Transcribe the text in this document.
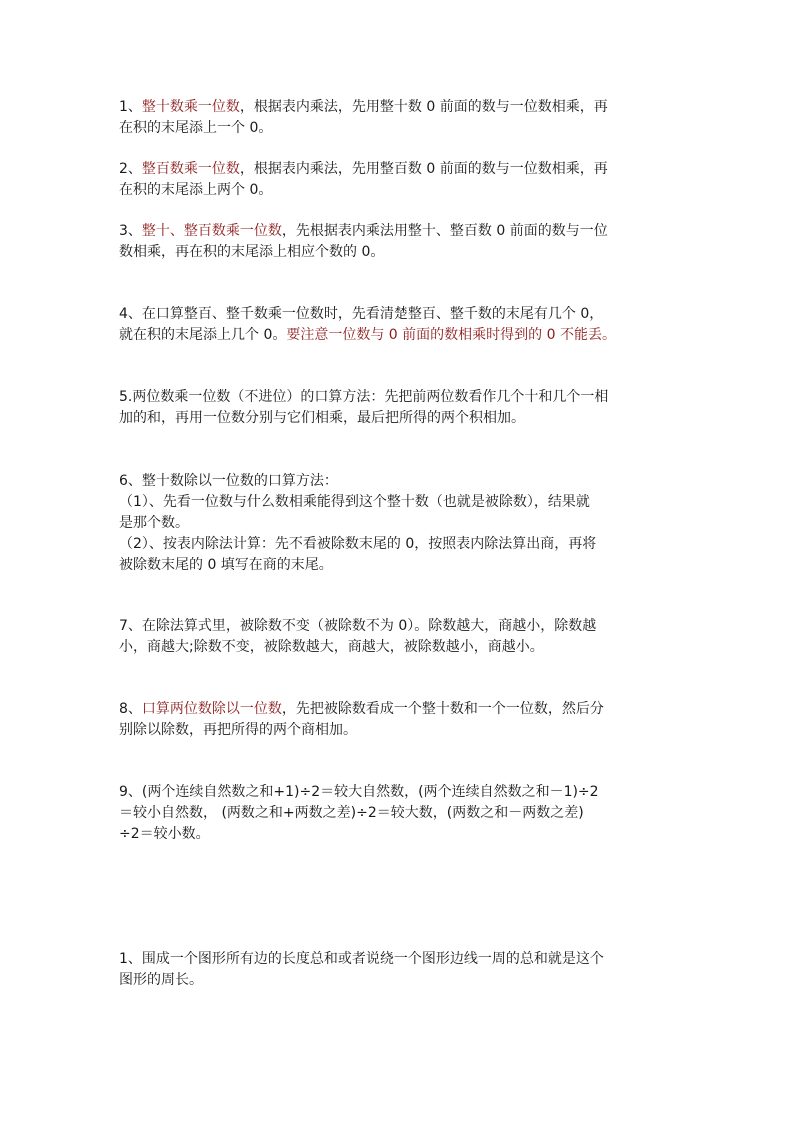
1、整十数乘一位数，根据表内乘法，先用整十数 0 前面的数与一位数相乘，再
在积的末尾添上一个 0。
2、整百数乘一位数，根据表内乘法，先用整百数 0 前面的数与一位数相乘，再
在积的末尾添上两个 0。
3、整十、整百数乘一位数，先根据表内乘法用整十、整百数 0 前面的数与一位
数相乘，再在积的末尾添上相应个数的 0。
4、在口算整百、整千数乘一位数时，先看清楚整百、整千数的末尾有几个 0，
就在积的末尾添上几个 0。要注意一位数与 0 前面的数相乘时得到的 0 不能丢。
5.两位数乘一位数（不进位）的口算方法：先把前两位数看作几个十和几个一相
加的和，再用一位数分别与它们相乘，最后把所得的两个积相加。
6、整十数除以一位数的口算方法：
（1）、先看一位数与什么数相乘能得到这个整十数（也就是被除数），结果就
是那个数。
（2）、按表内除法计算：先不看被除数末尾的 0，按照表内除法算出商，再将
被除数末尾的 0 填写在商的末尾。
7、在除法算式里，被除数不变（被除数不为 0）。除数越大，商越小，除数越
小，商越大;除数不变，被除数越大，商越大，被除数越小，商越小。
8、口算两位数除以一位数，先把被除数看成一个整十数和一个一位数，然后分
别除以除数，再把所得的两个商相加。
9、(两个连续自然数之和+1)÷2＝较大自然数，(两个连续自然数之和－1)÷2
＝较小自然数， (两数之和+两数之差)÷2＝较大数，(两数之和－两数之差)
÷2＝较小数。
1、围成一个图形所有边的长度总和或者说绕一个图形边线一周的总和就是这个
图形的周长。
